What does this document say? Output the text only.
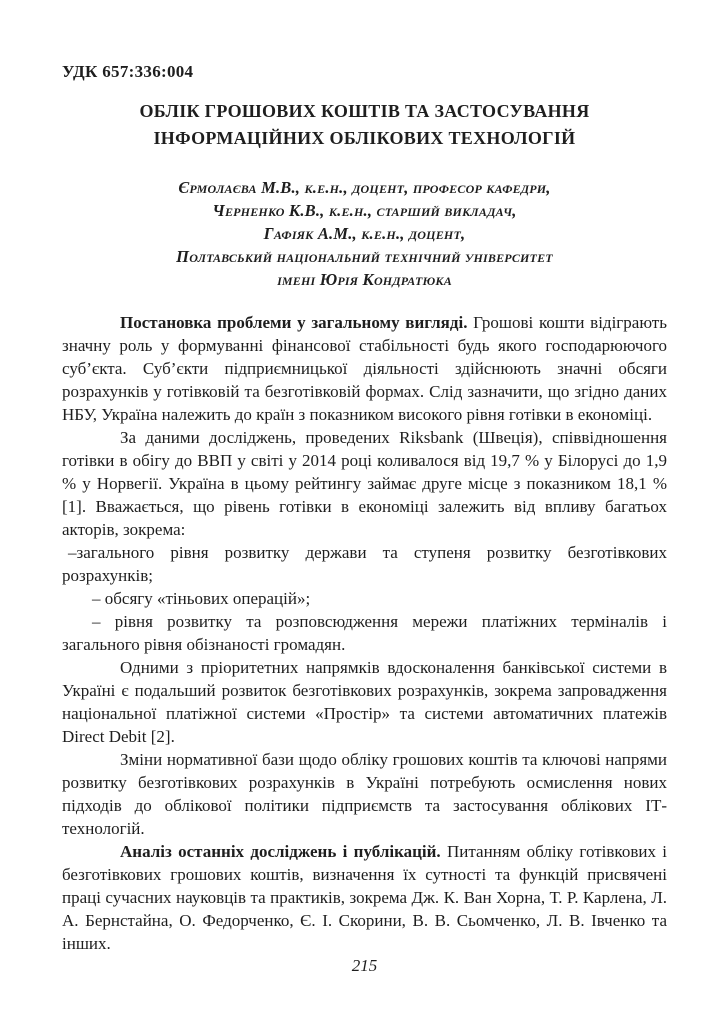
УДК 657:336:004
ОБЛІК ГРОШОВИХ КОШТІВ ТА ЗАСТОСУВАННЯ
ІНФОРМАЦІЙНИХ ОБЛІКОВИХ ТЕХНОЛОГІЙ
Єрмолаєва М.В., к.е.н., доцент, професор кафедри,
Черненко К.В., к.е.н., старший викладач,
Гафіяк А.М., к.е.н., доцент,
Полтавський національний технічний університет
імені Юрія Кондратюка

Постановка проблеми у загальному вигляді. Грошові кошти відіграють значну роль у формуванні фінансової стабільності будь якого господарюючого суб’єкта. Суб’єкти підприємницької діяльності здійснюють значні обсяги розрахунків у готівковій та безготівковій формах. Слід зазначити, що згідно даних НБУ, Україна належить до країн з показником високого рівня готівки в економіці.

За даними досліджень, проведених Riksbank (Швеція), співвідношення готівки в обігу до ВВП у світі у 2014 році коливалося від 19,7 % у Білорусі до 1,9 % у Норвегії. Україна в цьому рейтингу займає друге місце з показником 18,1 % [1]. Вважається, що рівень готівки в економіці залежить від впливу багатьох акторів, зокрема:

–загального рівня розвитку держави та ступеня розвитку безготівкових розрахунків;

– обсягу «тіньових операцій»;

– рівня розвитку та розповсюдження мережи платіжних терміналів і загального рівня обізнаності громадян.

Одними з пріоритетних напрямків вдосконалення банківської системи в Україні є подальший розвиток безготівкових розрахунків, зокрема запровадження національної платіжної системи «Простір» та системи автоматичних платежів Direct Debit [2].

Зміни нормативної бази щодо обліку грошових коштів та ключові напрями розвитку безготівкових розрахунків в Україні потребують осмислення нових підходів до облікової політики підприємств та застосування облікових ІТ-технологій.

Аналіз останніх досліджень і публікацій. Питанням обліку готівкових і безготівкових грошових коштів, визначення їх сутності та функцій присвячені праці сучасних науковців та практиків, зокрема Дж. К. Ван Хорна, Т. Р. Карлена, Л. А. Бернстайна, О. Федорченко, Є. І. Скорини, В. В. Сьомченко, Л. В. Івченко та інших.

215
